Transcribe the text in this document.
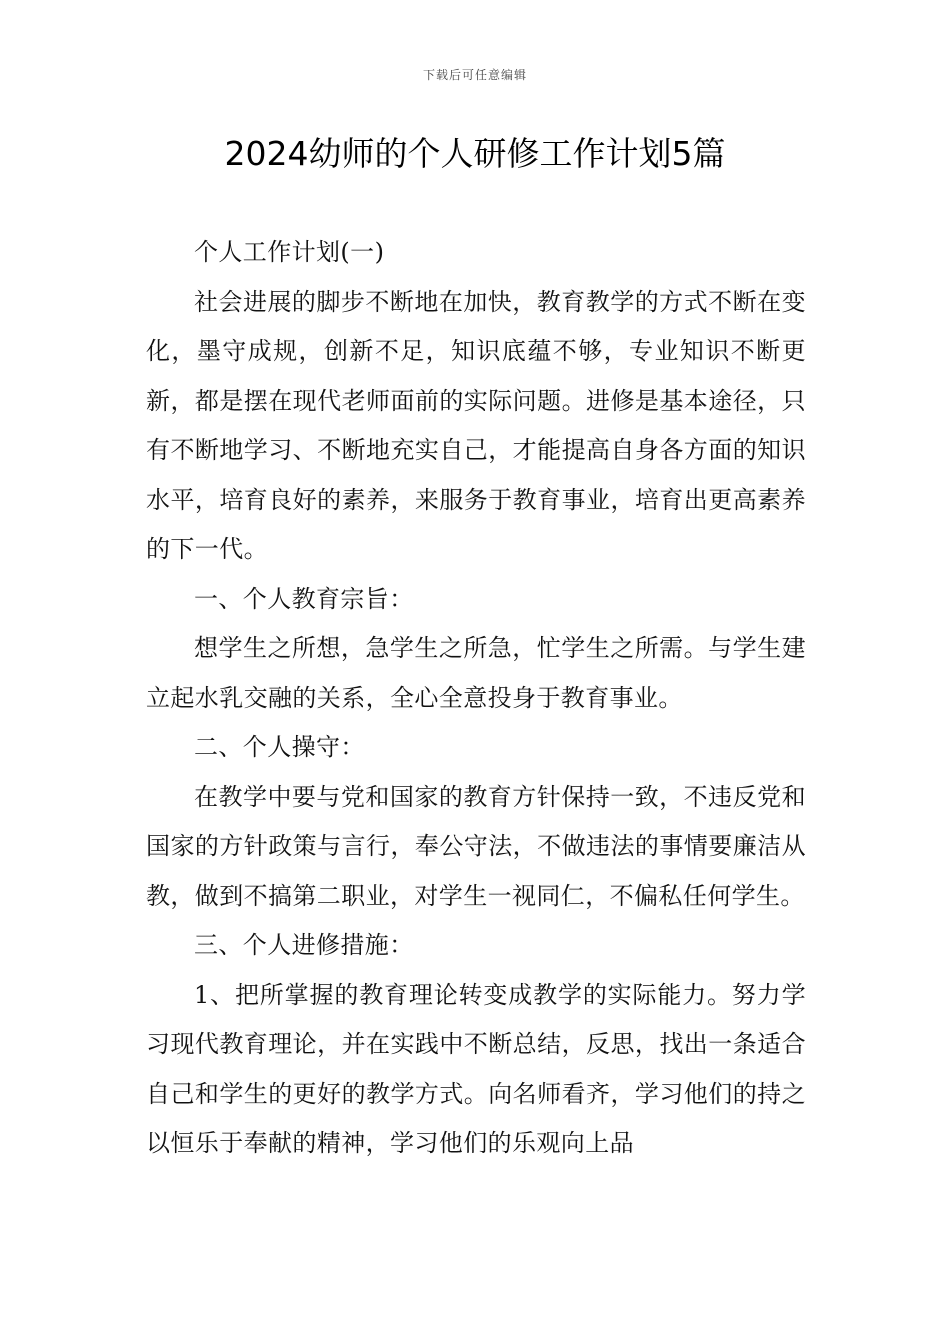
下载后可任意编辑
2024幼师的个人研修工作计划5篇

个人工作计划(一)

社会进展的脚步不断地在加快，教育教学的方式不断在变化，墨守成规，创新不足，知识底蕴不够，专业知识不断更新，都是摆在现代老师面前的实际问题。进修是基本途径，只有不断地学习、不断地充实自己，才能提高自身各方面的知识水平，培育良好的素养，来服务于教育事业，培育出更高素养的下一代。

一、个人教育宗旨：

想学生之所想，急学生之所急，忙学生之所需。与学生建立起水乳交融的关系，全心全意投身于教育事业。

二、个人操守：

在教学中要与党和国家的教育方针保持一致，不违反党和国家的方针政策与言行，奉公守法，不做违法的事情要廉洁从教，做到不搞第二职业，对学生一视同仁，不偏私任何学生。

三、个人进修措施：

1、把所掌握的教育理论转变成教学的实际能力。努力学习现代教育理论，并在实践中不断总结，反思，找出一条适合自己和学生的更好的教学方式。向名师看齐，学习他们的持之以恒乐于奉献的精神，学习他们的乐观向上品
